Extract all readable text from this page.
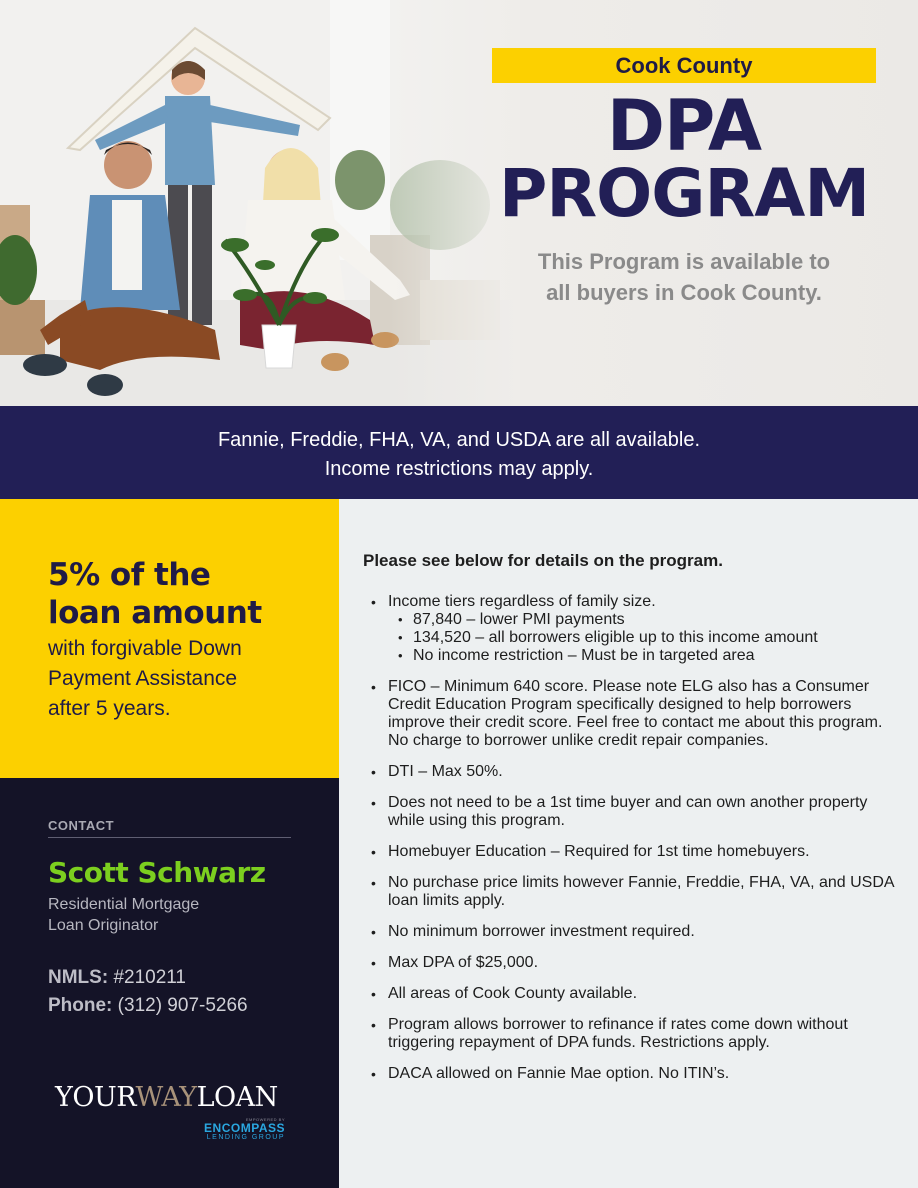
Cook County
DPA
PROGRAM
This Program is available to
all buyers in Cook County.
Fannie, Freddie, FHA, VA, and USDA are all available.
Income restrictions may apply.
5% of the
loan amount
with forgivable Down
Payment Assistance
after 5 years.
CONTACT
Scott Schwarz
Residential Mortgage
Loan Originator
NMLS: #210211
Phone: (312) 907-5266
YOURWAYLOAN
EMPOWERED BY
ENCOMPASS
LENDING GROUP
Please see below for details on the program.
• Income tiers regardless of family size.
• 87,840 – lower PMI payments
• 134,520 – all borrowers eligible up to this income amount
• No income restriction – Must be in targeted area
• FICO – Minimum 640 score. Please note ELG also has a Consumer Credit Education Program specifically designed to help borrowers improve their credit score. Feel free to contact me about this program. No charge to borrower unlike credit repair companies.
• DTI – Max 50%.
• Does not need to be a 1st time buyer and can own another property while using this program.
• Homebuyer Education – Required for 1st time homebuyers.
• No purchase price limits however Fannie, Freddie, FHA, VA, and USDA loan limits apply.
• No minimum borrower investment required.
• Max DPA of $25,000.
• All areas of Cook County available.
• Program allows borrower to refinance if rates come down without triggering repayment of DPA funds. Restrictions apply.
• DACA allowed on Fannie Mae option. No ITIN’s.
